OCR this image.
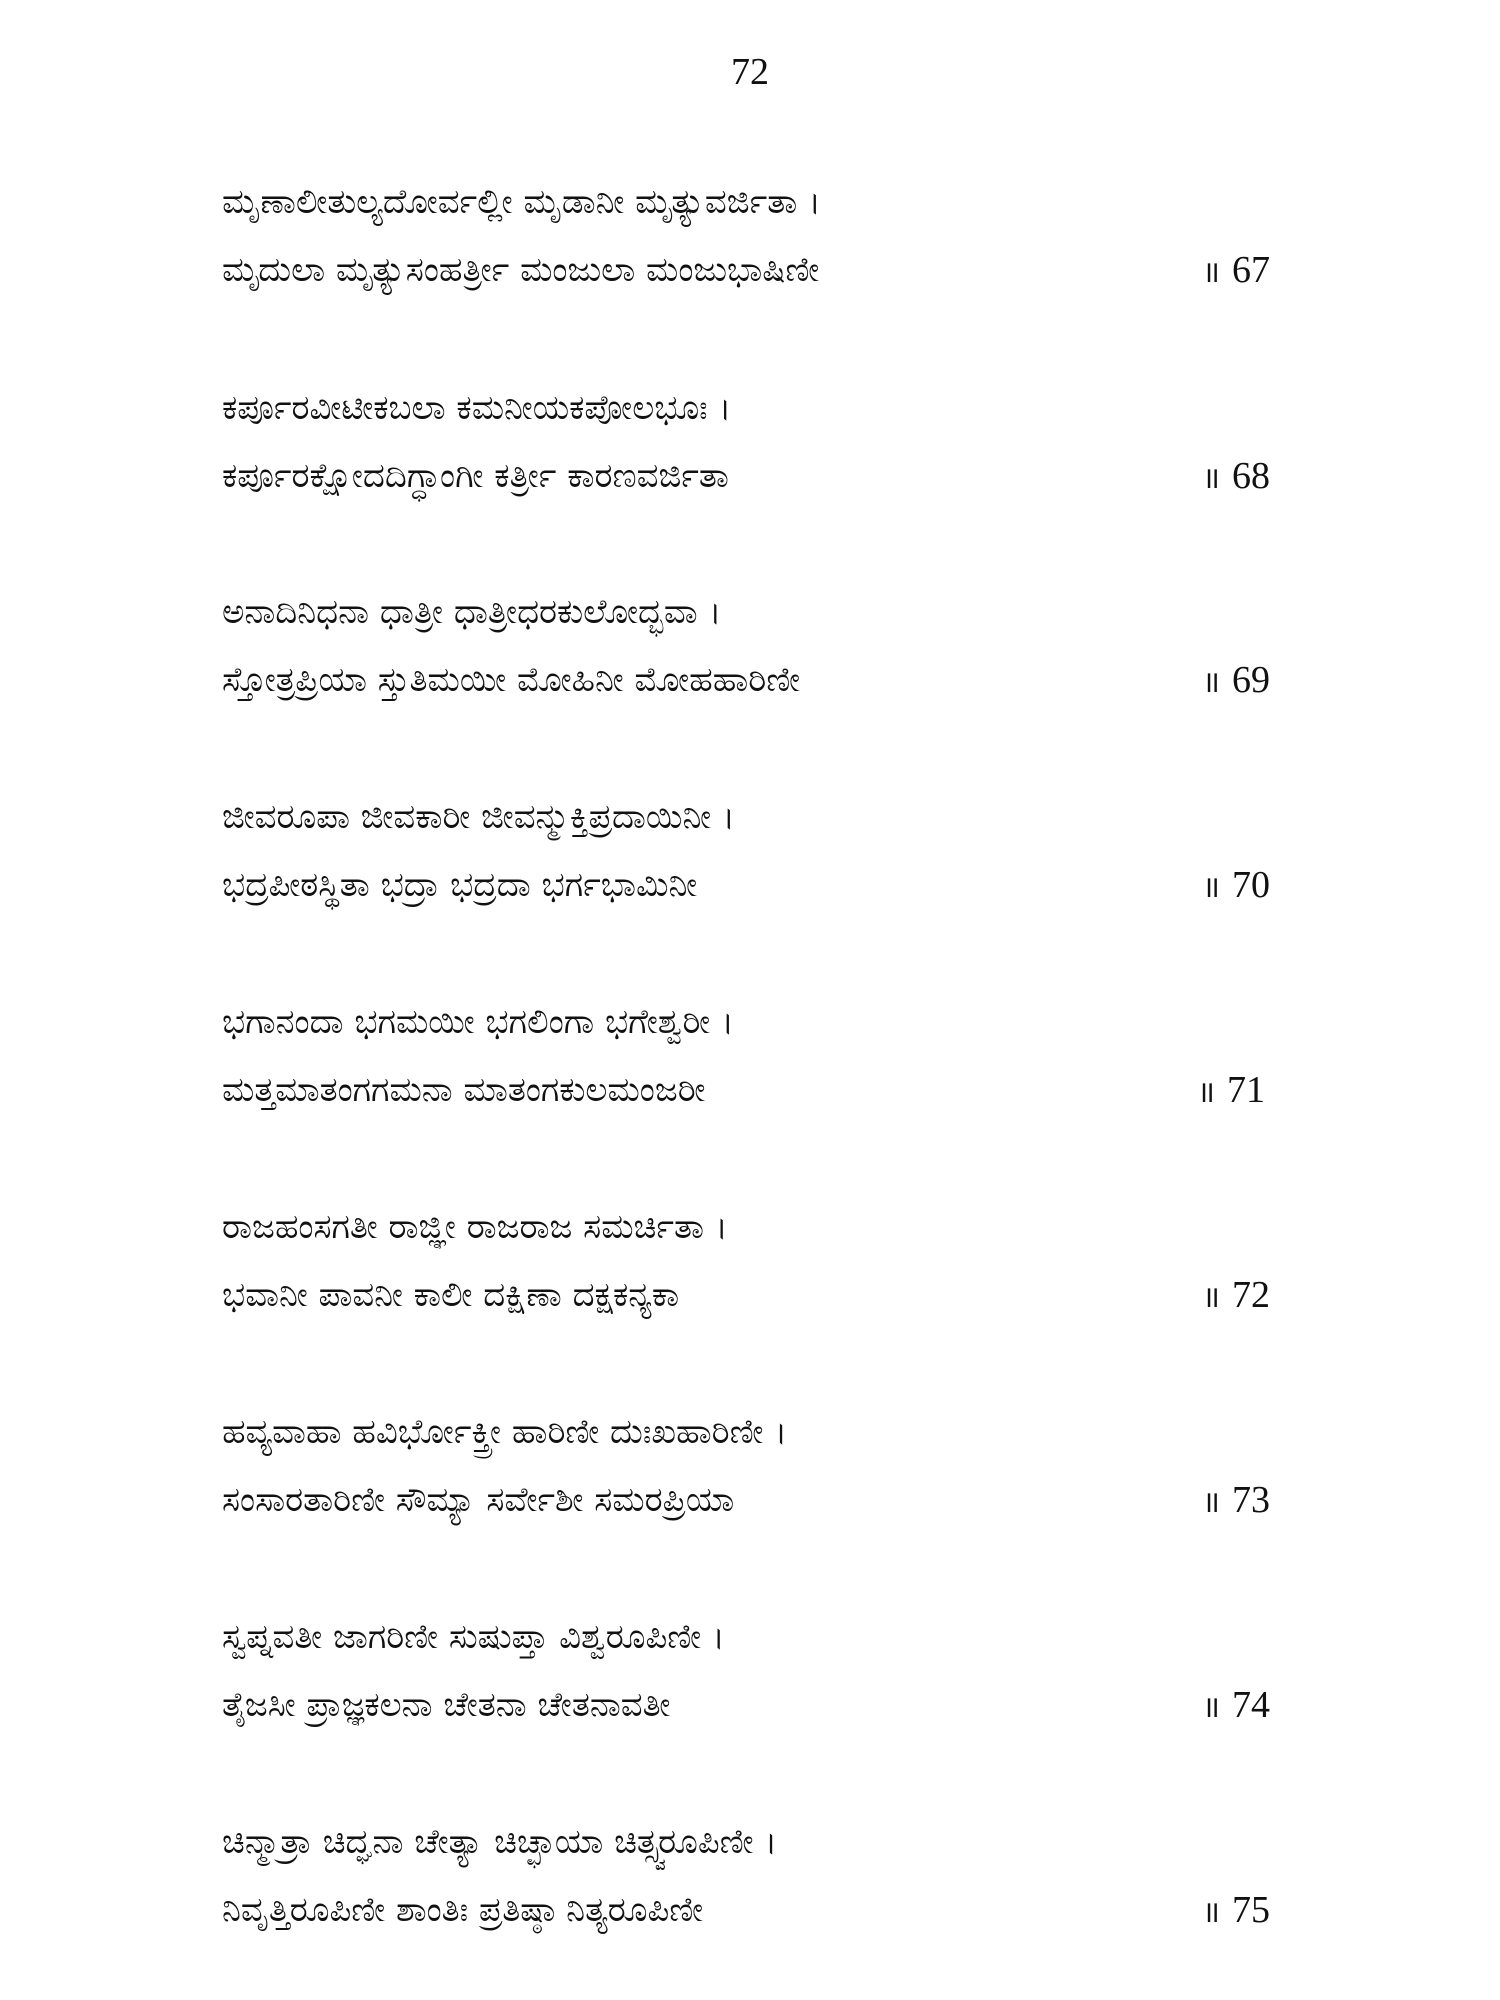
72
ಮೃಣಾಲೀತುಲ್ಯದೋರ್ವಲ್ಲೀ ಮೃಡಾನೀ ಮೃತ್ಯುವರ್ಜಿತಾ ।
ಮೃದುಲಾ ಮೃತ್ಯುಸಂಹರ್ತ್ರೀ ಮಂಜುಲಾ ಮಂಜುಭಾಷಿಣೀ	॥ 67
ಕರ್ಪೂರವೀಟೀಕಬಲಾ ಕಮನೀಯಕಪೋಲಭೂಃ ।
ಕರ್ಪೂರಕ್ಷೋದದಿಗ್ಧಾಂಗೀ ಕರ್ತ್ರೀ ಕಾರಣವರ್ಜಿತಾ	॥ 68
ಅನಾದಿನಿಧನಾ ಧಾತ್ರೀ ಧಾತ್ರೀಧರಕುಲೋದ್ಭವಾ ।
ಸ್ತೋತ್ರಪ್ರಿಯಾ ಸ್ತುತಿಮಯೀ ಮೋಹಿನೀ ಮೋಹಹಾರಿಣೀ	॥ 69
ಜೀವರೂಪಾ ಜೀವಕಾರೀ ಜೀವನ್ಮುಕ್ತಿಪ್ರದಾಯಿನೀ ।
ಭದ್ರಪೀಠಸ್ಥಿತಾ ಭದ್ರಾ ಭದ್ರದಾ ಭರ್ಗಭಾಮಿನೀ	॥ 70
ಭಗಾನಂದಾ ಭಗಮಯೀ ಭಗಲಿಂಗಾ ಭಗೇಶ್ವರೀ ।
ಮತ್ತಮಾತಂಗಗಮನಾ ಮಾತಂಗಕುಲಮಂಜರೀ	॥ 71
ರಾಜಹಂಸಗತೀ ರಾಜ್ಞೀ ರಾಜರಾಜ ಸಮರ್ಚಿತಾ ।
ಭವಾನೀ ಪಾವನೀ ಕಾಲೀ ದಕ್ಷಿಣಾ ದಕ್ಷಕನ್ಯಕಾ	॥ 72
ಹವ್ಯವಾಹಾ ಹವಿರ್ಭೋಕ್ತ್ರೀ ಹಾರಿಣೀ ದುಃಖಹಾರಿಣೀ ।
ಸಂಸಾರತಾರಿಣೀ ಸೌಮ್ಯಾ ಸರ್ವೇಶೀ ಸಮರಪ್ರಿಯಾ	॥ 73
ಸ್ವಪ್ನವತೀ ಜಾಗರಿಣೀ ಸುಷುಪ್ತಾ ವಿಶ್ವರೂಪಿಣೀ ।
ತೈಜಸೀ ಪ್ರಾಜ್ಞಕಲನಾ ಚೇತನಾ ಚೇತನಾವತೀ	॥ 74
ಚಿನ್ಮಾತ್ರಾ ಚಿದ್ಘನಾ ಚೇತ್ಯಾ ಚಿಚ್ಛಾಯಾ ಚಿತ್ಸ್ವರೂಪಿಣೀ ।
ನಿವೃತ್ತಿರೂಪಿಣೀ ಶಾಂತಿಃ ಪ್ರತಿಷ್ಠಾ ನಿತ್ಯರೂಪಿಣೀ	॥ 75
